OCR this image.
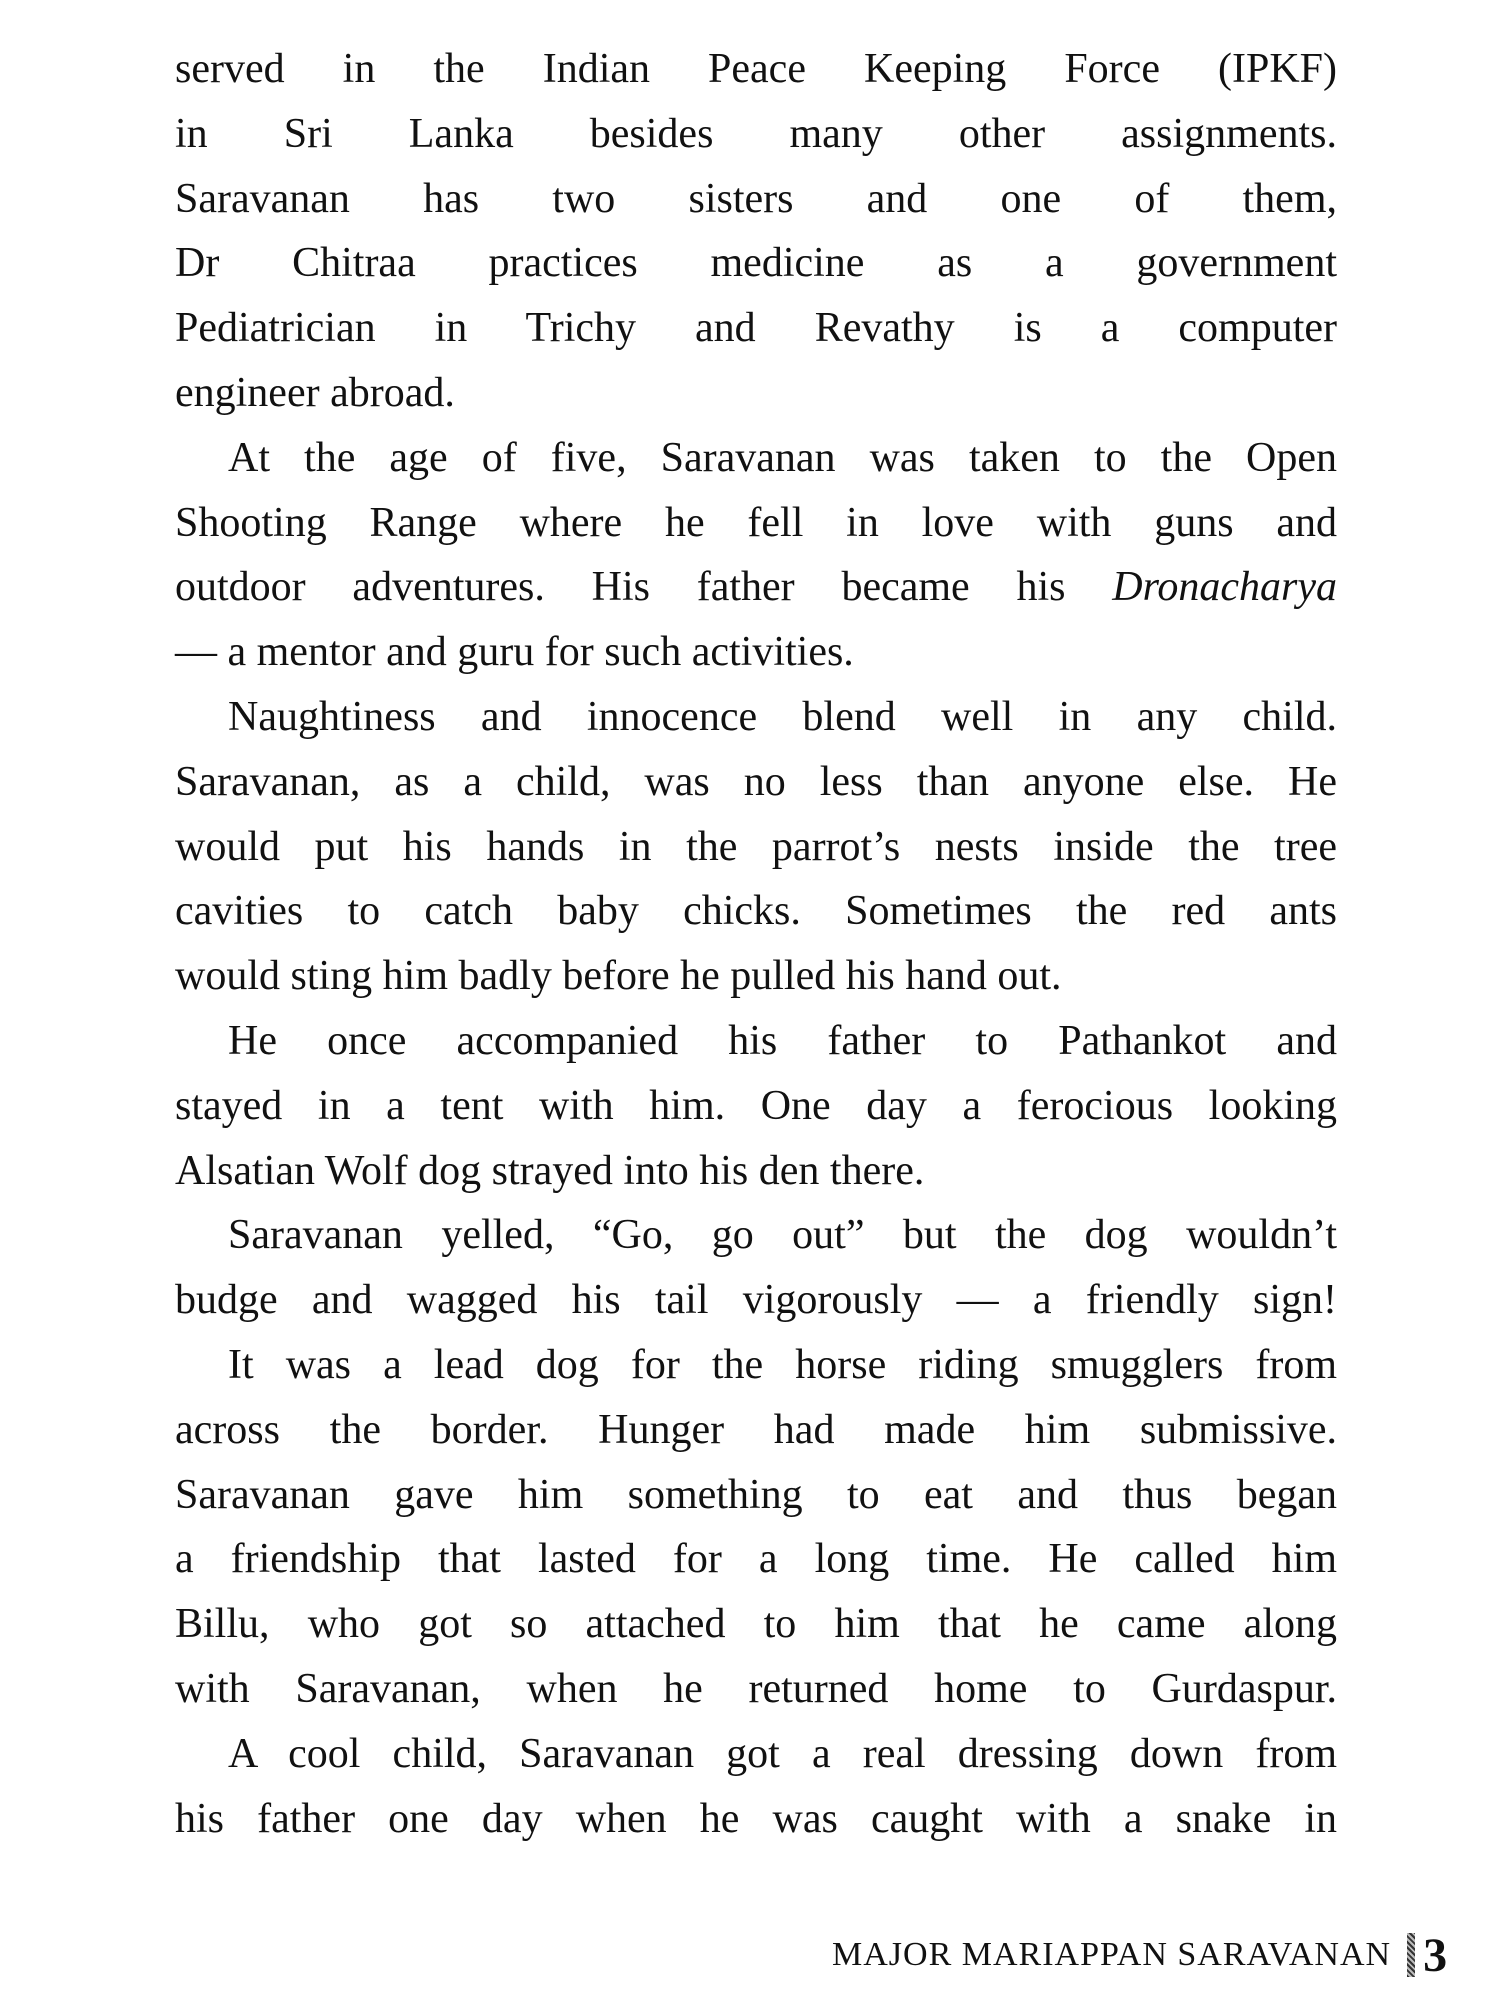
served in the Indian Peace Keeping Force (IPKF)
in Sri Lanka besides many other assignments.
Saravanan has two sisters and one of them,
Dr Chitraa practices medicine as a government
Pediatrician in Trichy and Revathy is a computer
engineer abroad.
At the age of five, Saravanan was taken to the Open
Shooting Range where he fell in love with guns and
outdoor adventures. His father became his Dronacharya
— a mentor and guru for such activities.
Naughtiness and innocence blend well in any child.
Saravanan, as a child, was no less than anyone else. He
would put his hands in the parrot’s nests inside the tree
cavities to catch baby chicks. Sometimes the red ants
would sting him badly before he pulled his hand out.
He once accompanied his father to Pathankot and
stayed in a tent with him. One day a ferocious looking
Alsatian Wolf dog strayed into his den there.
Saravanan yelled, “Go, go out” but the dog wouldn’t
budge and wagged his tail vigorously — a friendly sign!
It was a lead dog for the horse riding smugglers from
across the border. Hunger had made him submissive.
Saravanan gave him something to eat and thus began
a friendship that lasted for a long time. He called him
Billu, who got so attached to him that he came along
with Saravanan, when he returned home to Gurdaspur.
A cool child, Saravanan got a real dressing down from
his father one day when he was caught with a snake in
MAJOR MARIAPPAN SARAVANAN 3
